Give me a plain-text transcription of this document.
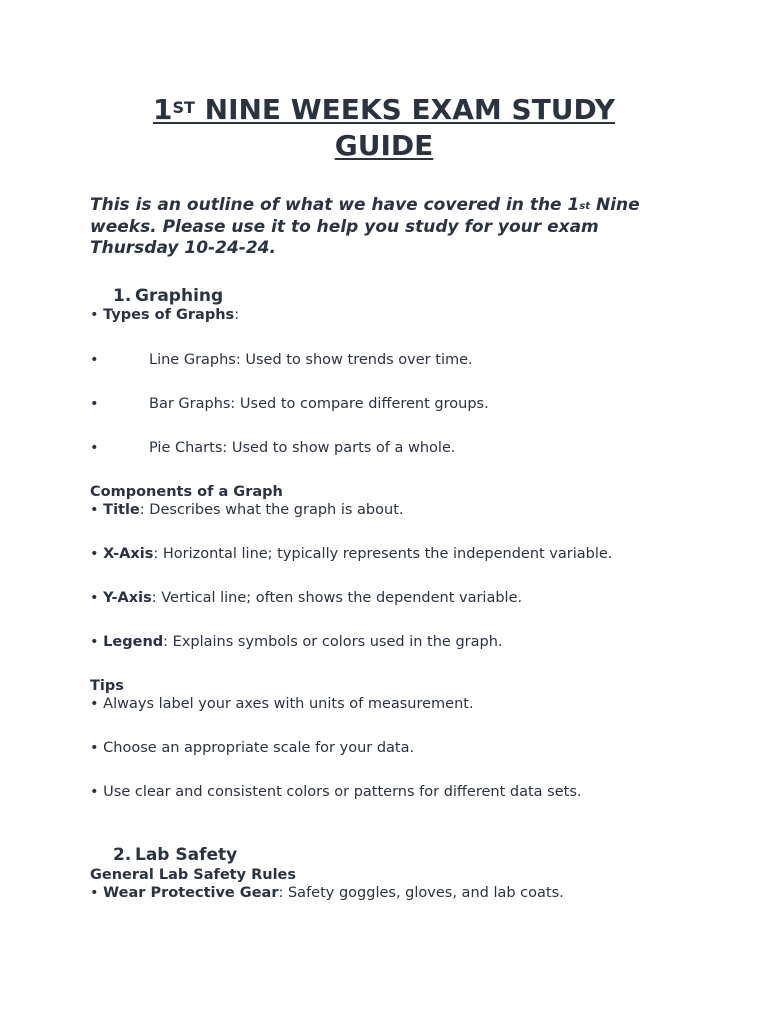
1ST NINE WEEKS EXAM STUDY
GUIDE
This is an outline of what we have covered in the 1st Nine weeks. Please use it to help you study for your exam Thursday 10-24-24.
1. Graphing
• Types of Graphs:
•	Line Graphs: Used to show trends over time.
•	Bar Graphs: Used to compare different groups.
•	Pie Charts: Used to show parts of a whole.
Components of a Graph
• Title: Describes what the graph is about.
• X-Axis: Horizontal line; typically represents the independent variable.
• Y-Axis: Vertical line; often shows the dependent variable.
• Legend: Explains symbols or colors used in the graph.
Tips
• Always label your axes with units of measurement.
• Choose an appropriate scale for your data.
• Use clear and consistent colors or patterns for different data sets.
2. Lab Safety
General Lab Safety Rules
• Wear Protective Gear: Safety goggles, gloves, and lab coats.
